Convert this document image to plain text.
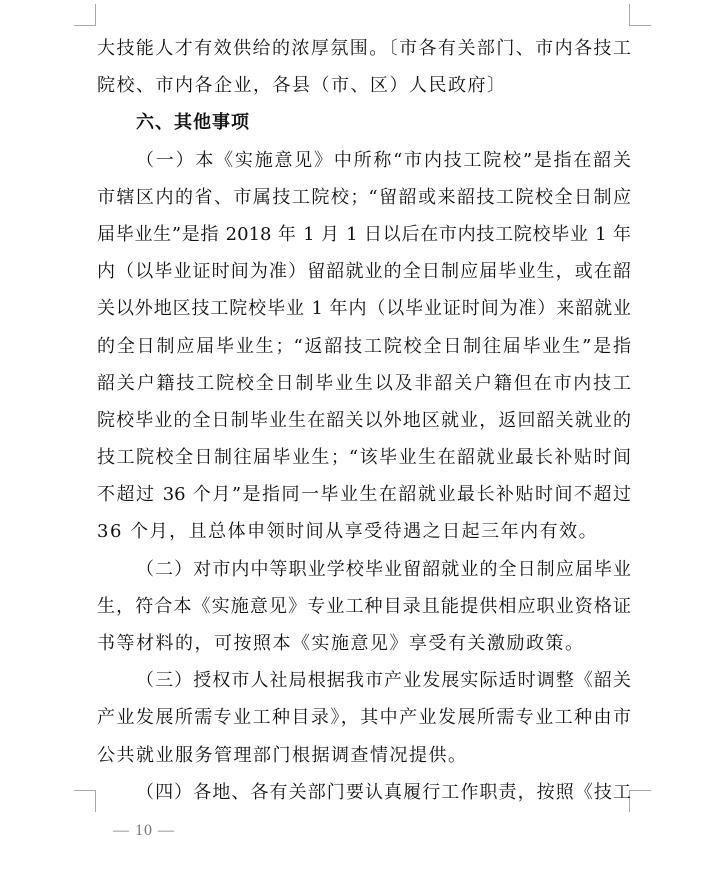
大技能人才有效供给的浓厚氛围。〔市各有关部门、市内各技工
院校、市内各企业，各县（市、区）人民政府〕
六、其他事项
（一）本《实施意见》中所称“市内技工院校”是指在韶关
市辖区内的省、市属技工院校；“留韶或来韶技工院校全日制应
届毕业生”是指 2018 年 1 月 1 日以后在市内技工院校毕业 1 年
内（以毕业证时间为准）留韶就业的全日制应届毕业生，或在韶
关以外地区技工院校毕业 1 年内（以毕业证时间为准）来韶就业
的全日制应届毕业生；“返韶技工院校全日制往届毕业生”是指
韶关户籍技工院校全日制毕业生以及非韶关户籍但在市内技工
院校毕业的全日制毕业生在韶关以外地区就业，返回韶关就业的
技工院校全日制往届毕业生；“该毕业生在韶就业最长补贴时间
不超过 36 个月”是指同一毕业生在韶就业最长补贴时间不超过
36 个月，且总体申领时间从享受待遇之日起三年内有效。
（二）对市内中等职业学校毕业留韶就业的全日制应届毕业
生，符合本《实施意见》专业工种目录且能提供相应职业资格证
书等材料的，可按照本《实施意见》享受有关激励政策。
（三）授权市人社局根据我市产业发展实际适时调整《韶关
产业发展所需专业工种目录》，其中产业发展所需专业工种由市
公共就业服务管理部门根据调查情况提供。
（四）各地、各有关部门要认真履行工作职责，按照《技工
— 10 —
